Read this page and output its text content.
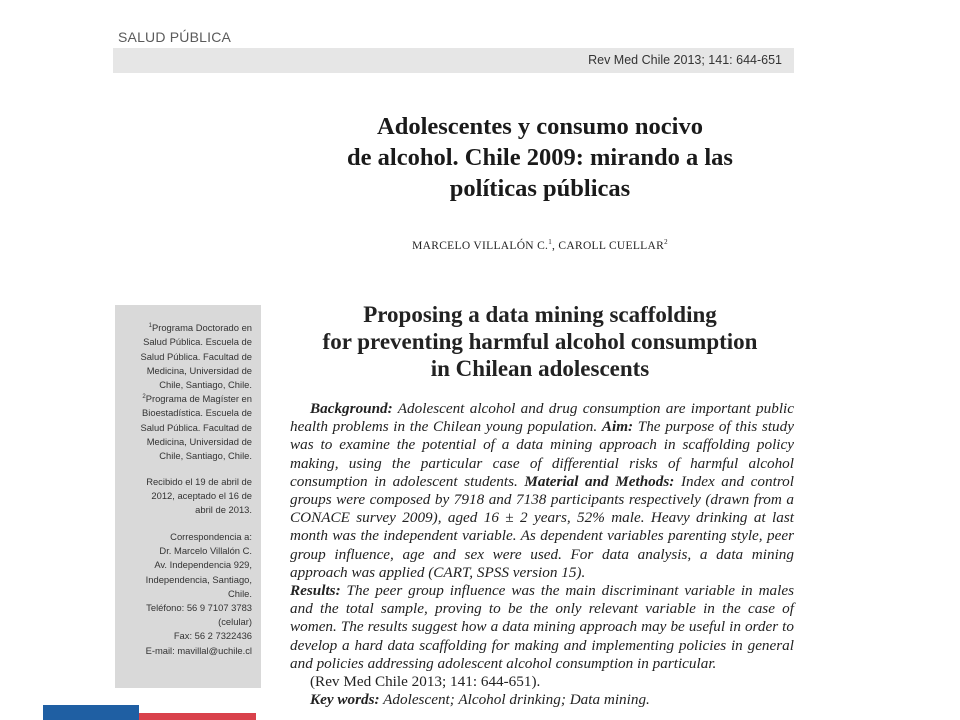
SALUD PÚBLICA
Rev Med Chile 2013; 141: 644-651
Adolescentes y consumo nocivo
de alcohol. Chile 2009: mirando a las
políticas públicas
MARCELO VILLALÓN C.$^1$, CAROLL CUELLAR$^2$
Proposing a data mining scaffolding
for preventing harmful alcohol consumption
in Chilean adolescents
$^1$Programa Doctorado en
Salud Pública. Escuela de
Salud Pública. Facultad de
Medicina, Universidad de
Chile, Santiago, Chile.
$^2$Programa de Magíster en
Bioestadística. Escuela de
Salud Pública. Facultad de
Medicina, Universidad de
Chile, Santiago, Chile.
Recibido el 19 de abril de
2012, aceptado el 16 de
abril de 2013.
Correspondencia a:
Dr. Marcelo Villalón C.
Av. Independencia 929,
Independencia, Santiago,
Chile.
Teléfono: 56 9 7107 3783
(celular)
Fax: 56 2 7322436
E-mail: mavillal@uchile.cl

Background: Adolescent alcohol and drug consumption are important public health problems in the Chilean young population. Aim: The purpose of this study was to examine the potential of a data mining approach in scaffolding policy making, using the particular case of differential risks of harmful alcohol consumption in adolescent students. Material and Methods: Index and control groups were composed by 7918 and 7138 participants respectively (drawn from a CONACE survey 2009), aged 16 ± 2 years, 52% male. Heavy drinking at last month was the independent variable. As dependent variables parenting style, peer group influence, age and sex were used. For data analysis, a data mining approach was applied (CART, SPSS version 15).

Results: The peer group influence was the main discriminant variable in males and the total sample, proving to be the only relevant variable in the case of women. The results suggest how a data mining approach may be useful in order to develop a hard data scaffolding for making and implementing policies in general and policies addressing adolescent alcohol consumption in particular.

(Rev Med Chile 2013; 141: 644-651).

Key words: Adolescent; Alcohol drinking; Data mining.
